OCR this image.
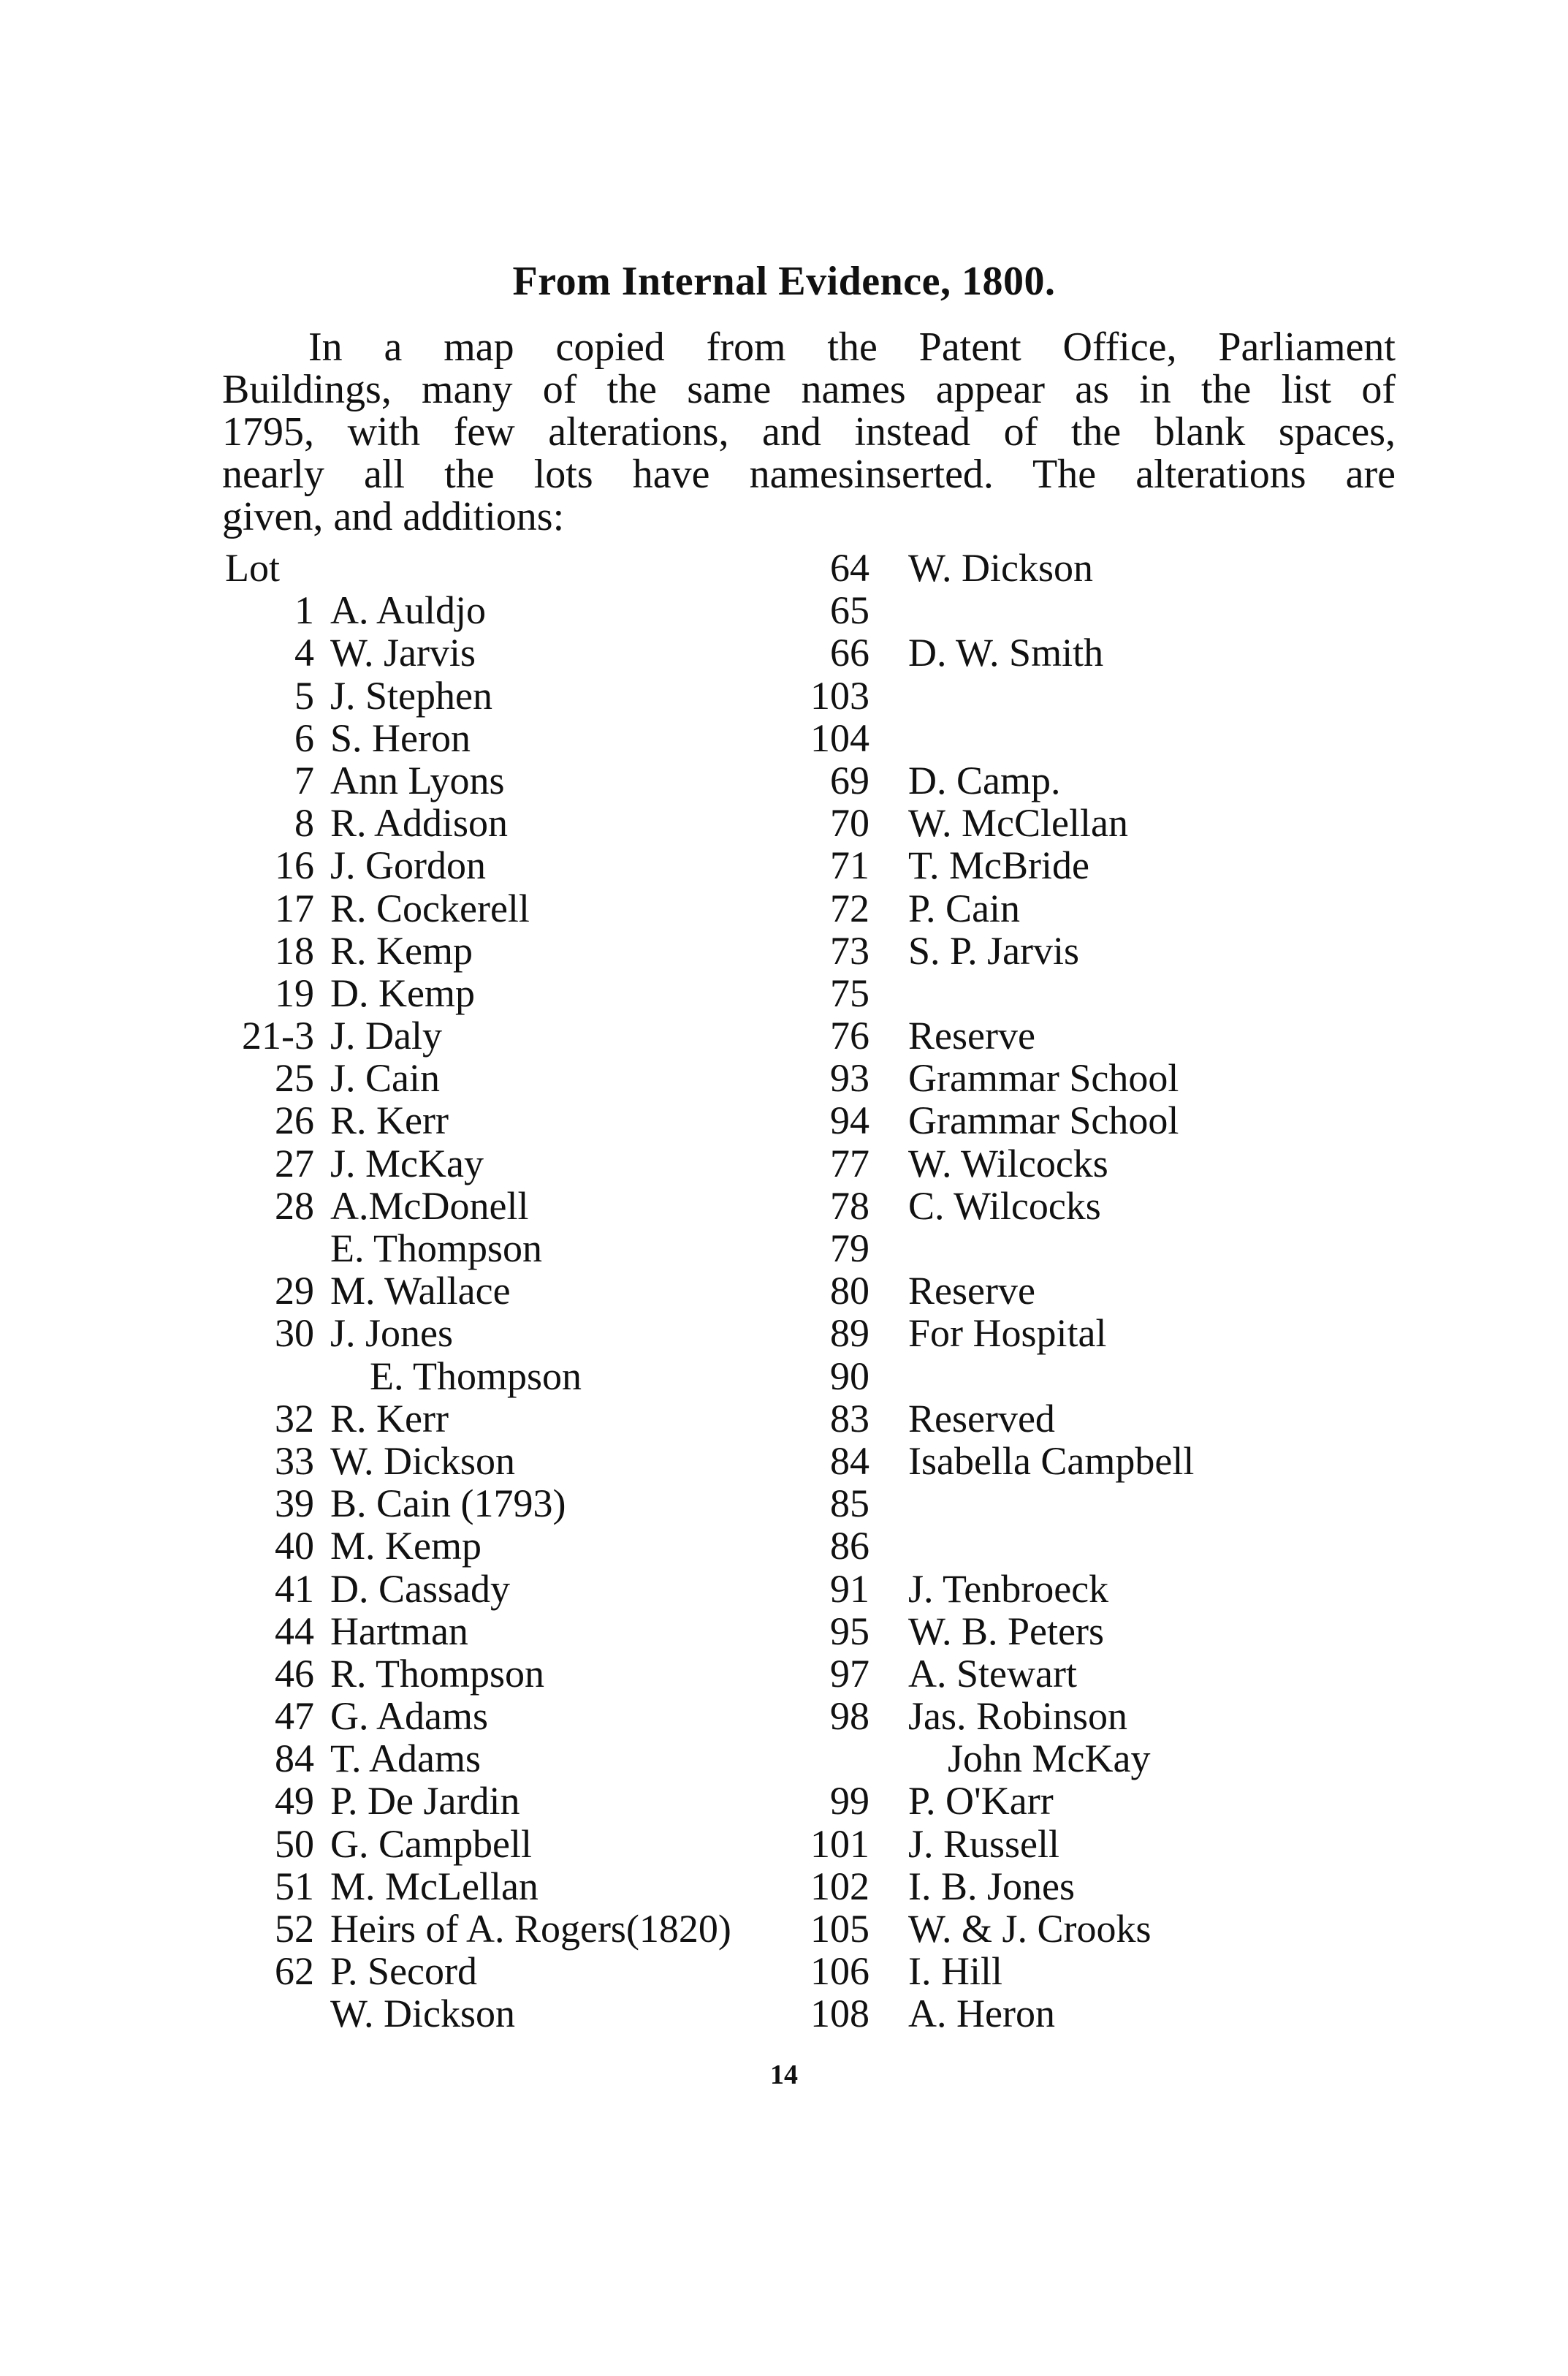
From Internal Evidence, 1800.
In a map copied from the Patent Office, Parliament
Buildings, many of the same names appear as in the list of
1795, with few alterations, and instead of the blank spaces,
nearly all the lots have namesinserted. The alterations are
given, and additions:
Lot
1 A. Auldjo
4 W. Jarvis
5 J. Stephen
6 S. Heron
7 Ann Lyons
8 R. Addison
16 J. Gordon
17 R. Cockerell
18 R. Kemp
19 D. Kemp
21-3 J. Daly
25 J. Cain
26 R. Kerr
27 J. McKay
28 A.McDonell
E. Thompson
29 M. Wallace
30 J. Jones
E. Thompson
32 R. Kerr
33 W. Dickson
39 B. Cain (1793)
40 M. Kemp
41 D. Cassady
44 Hartman
46 R. Thompson
47 G. Adams
84 T. Adams
49 P. De Jardin
50 G. Campbell
51 M. McLellan
52 Heirs of A. Rogers(1820)
62 P. Secord
W. Dickson
64 W. Dickson
65
66 D. W. Smith
103
104
69 D. Camp.
70 W. McClellan
71 T. McBride
72 P. Cain
73 S. P. Jarvis
75
76 Reserve
93 Grammar School
94 Grammar School
77 W. Wilcocks
78 C. Wilcocks
79
80 Reserve
89 For Hospital
90
83 Reserved
84 Isabella Campbell
85
86
91 J. Tenbroeck
95 W. B. Peters
97 A. Stewart
98 Jas. Robinson
John McKay
99 P. O'Karr
101 J. Russell
102 I. B. Jones
105 W. & J. Crooks
106 I. Hill
108 A. Heron
14
